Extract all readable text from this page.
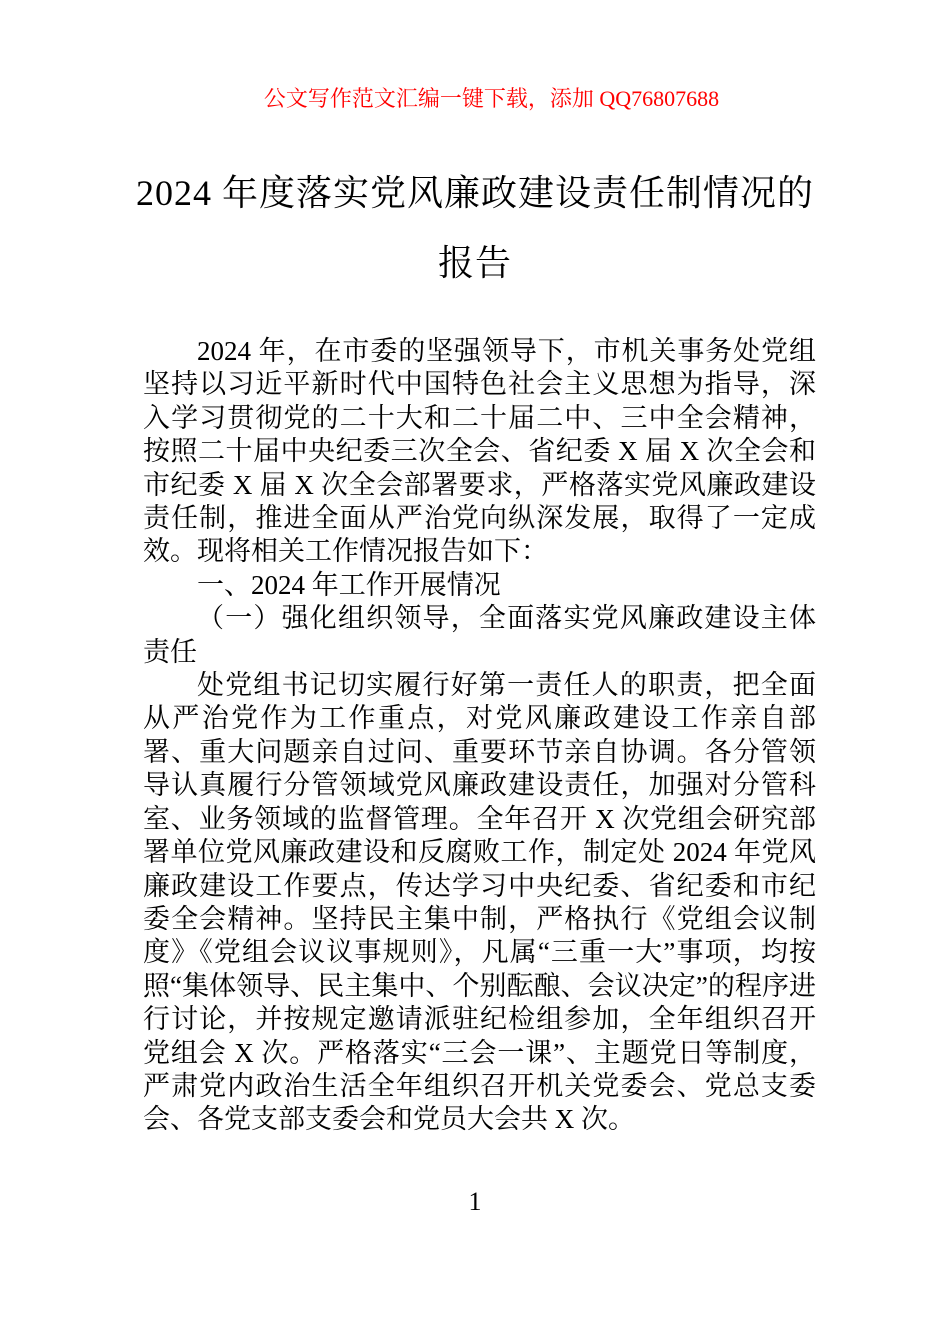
公文写作范文汇编一键下载，添加 QQ76807688
2024 年度落实党风廉政建设责任制情况的
报告

2024 年，在市委的坚强领导下，市机关事务处党组坚持以习近平新时代中国特色社会主义思想为指导，深入学习贯彻党的二十大和二十届二中、三中全会精神，按照二十届中央纪委三次全会、省纪委 X 届 X 次全会和市纪委 X 届 X 次全会部署要求，严格落实党风廉政建设责任制，推进全面从严治党向纵深发展，取得了一定成效。现将相关工作情况报告如下：

一、2024 年工作开展情况

（一）强化组织领导，全面落实党风廉政建设主体责任

处党组书记切实履行好第一责任人的职责，把全面从严治党作为工作重点，对党风廉政建设工作亲自部署、重大问题亲自过问、重要环节亲自协调。各分管领导认真履行分管领域党风廉政建设责任，加强对分管科室、业务领域的监督管理。全年召开 X 次党组会研究部署单位党风廉政建设和反腐败工作，制定处 2024 年党风廉政建设工作要点，传达学习中央纪委、省纪委和市纪委全会精神。坚持民主集中制，严格执行《党组会议制度》《党组会议议事规则》，凡属“三重一大”事项，均按照“集体领导、民主集中、个别酝酿、会议决定”的程序进行讨论，并按规定邀请派驻纪检组参加，全年组织召开党组会 X 次。严格落实“三会一课”、主题党日等制度，严肃党内政治生活全年组织召开机关党委会、党总支委会、各党支部支委会和党员大会共 X 次。

1
